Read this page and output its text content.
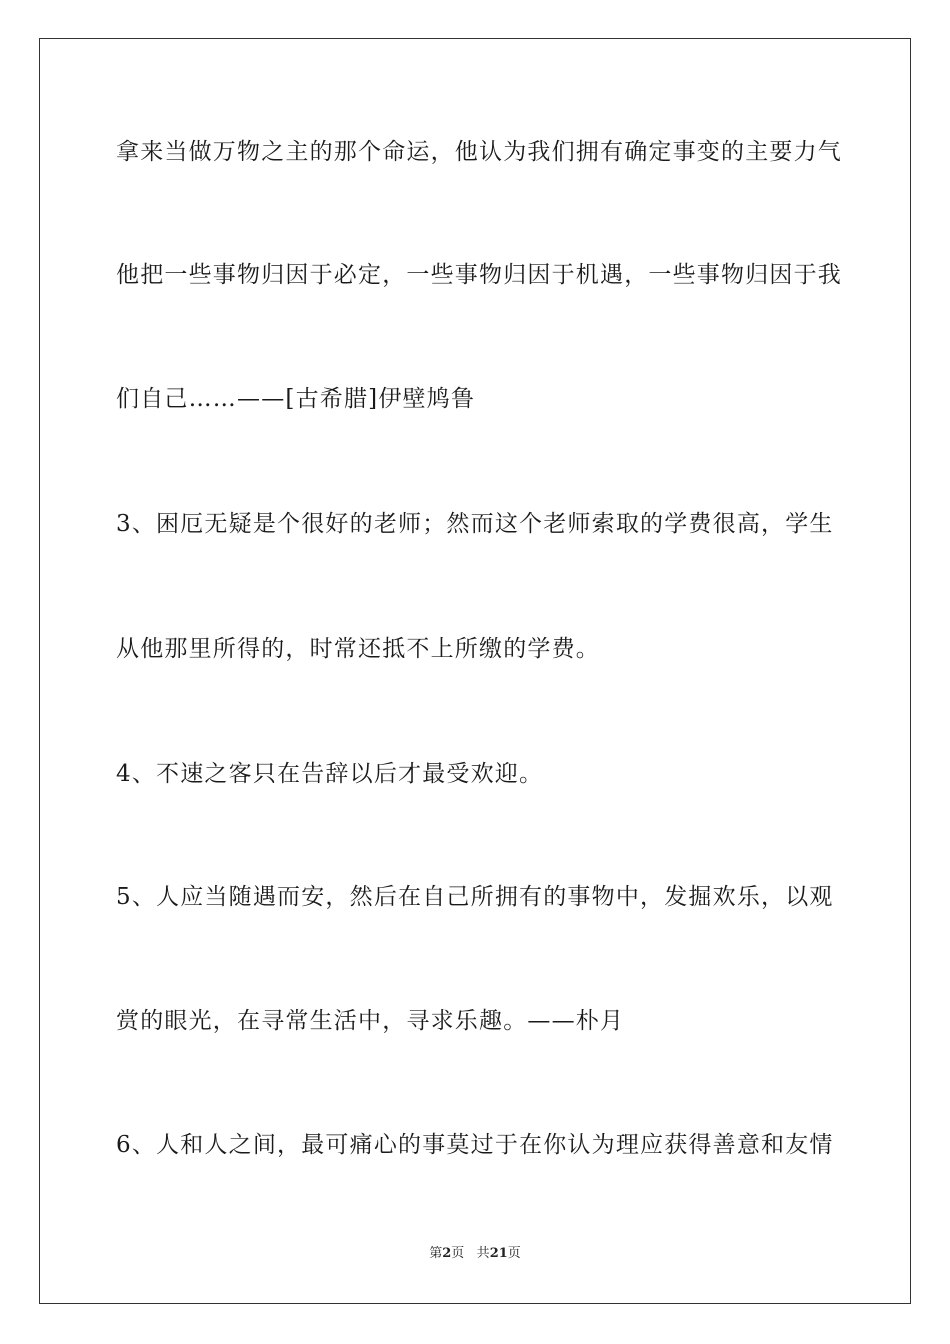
拿来当做万物之主的那个命运，他认为我们拥有确定事变的主要力气
他把一些事物归因于必定，一些事物归因于机遇，一些事物归因于我
们自己……——[古希腊]伊壁鸠鲁
3、困厄无疑是个很好的老师；然而这个老师索取的学费很高，学生
从他那里所得的，时常还抵不上所缴的学费。
4、不速之客只在告辞以后才最受欢迎。
5、人应当随遇而安，然后在自己所拥有的事物中，发掘欢乐，以观
赏的眼光，在寻常生活中，寻求乐趣。——朴月
6、人和人之间，最可痛心的事莫过于在你认为理应获得善意和友情
第2页 共21页
